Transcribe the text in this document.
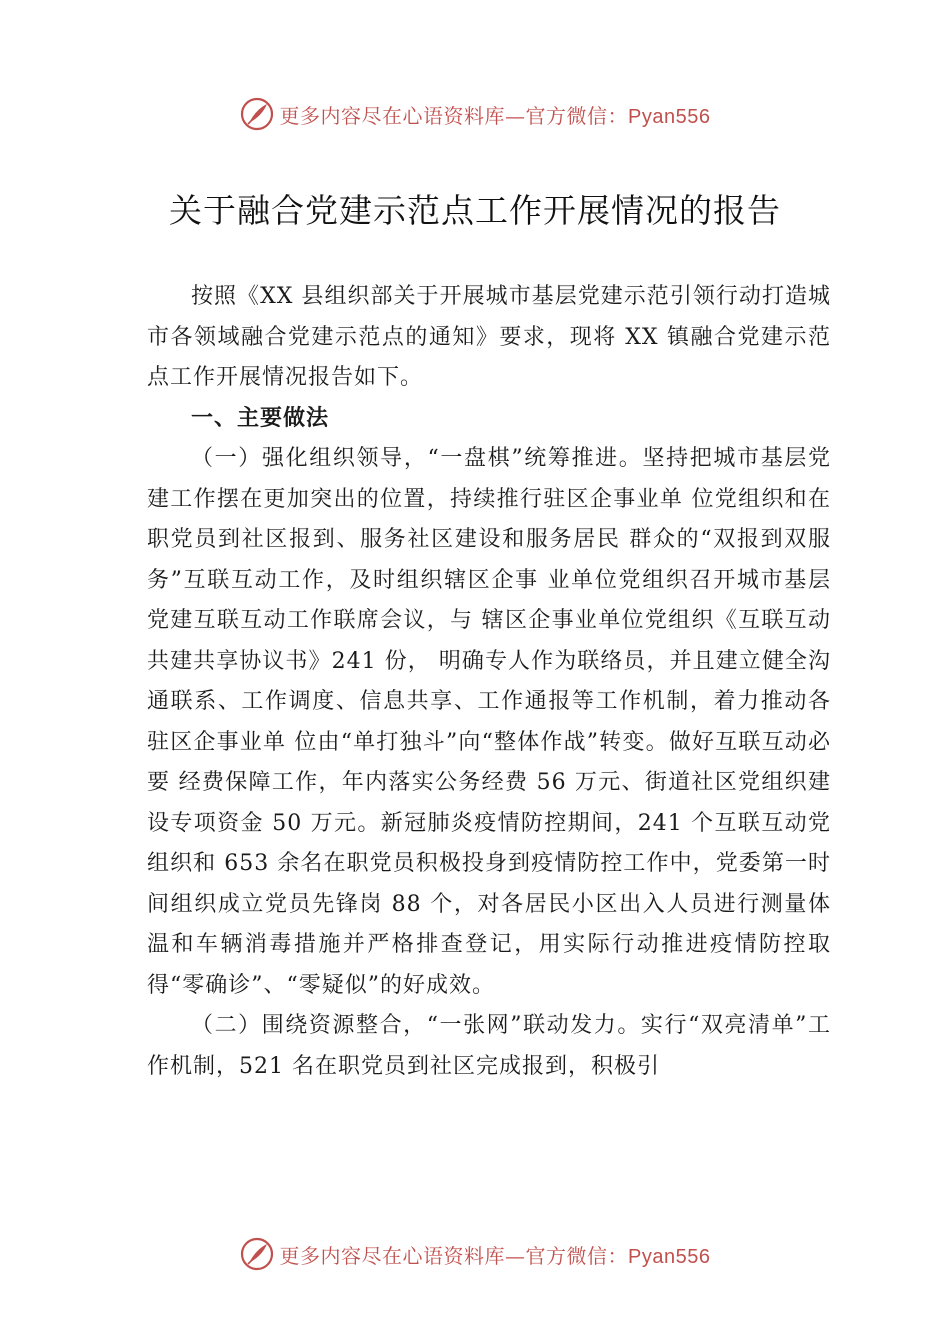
更多内容尽在心语资料库—官方微信：Pyan556
关于融合党建示范点工作开展情况的报告

按照《XX 县组织部关于开展城市基层党建示范引领行动打造城市各领域融合党建示范点的通知》要求，现将 XX 镇融合党建示范点工作开展情况报告如下。

一、主要做法

（一）强化组织领导，“一盘棋”统筹推进。坚持把城市基层党建工作摆在更加突出的位置，持续推行驻区企事业单 位党组织和在职党员到社区报到、服务社区建设和服务居民 群众的“双报到双服务”互联互动工作，及时组织辖区企事 业单位党组织召开城市基层党建互联互动工作联席会议，与 辖区企事业单位党组织《互联互动共建共享协议书》241 份， 明确专人作为联络员，并且建立健全沟通联系、工作调度、信息共享、工作通报等工作机制，着力推动各驻区企事业单 位由“单打独斗”向“整体作战”转变。做好互联互动必要 经费保障工作，年内落实公务经费 56 万元、街道社区党组织建设专项资金 50 万元。新冠肺炎疫情防控期间，241 个互联互动党组织和 653 余名在职党员积极投身到疫情防控工作中，党委第一时间组织成立党员先锋岗 88 个，对各居民小区出入人员进行测量体温和车辆消毒措施并严格排查登记，用实际行动推进疫情防控取得“零确诊”、“零疑似”的好成效。

（二）围绕资源整合，“一张网”联动发力。实行“双亮清单”工作机制，521 名在职党员到社区完成报到，积极引

更多内容尽在心语资料库—官方微信：Pyan556
